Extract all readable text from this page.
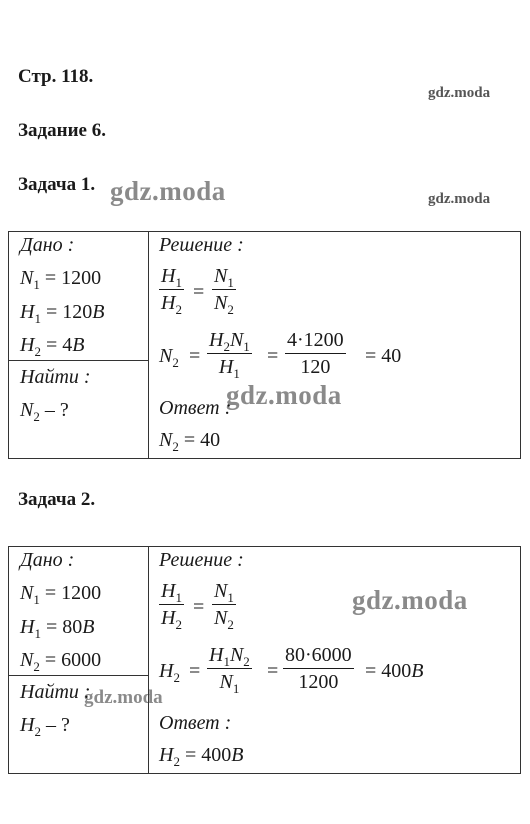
Стр. 118.
Задание 6.
Задача 1.
Задача 2.
gdz.moda
gdz.moda
gdz.moda
gdz.moda
gdz.moda
gdz.moda
Дано :
$N_1 = 1200$
$H_1 = 120B$
$H_2 = 4B$
Найти :
$N_2$ – ?
Решение :
$\frac{H_1}{H_2} = \frac{N_1}{N_2}$
$N_2 = \frac{H_2N_1}{H_1} = \frac{4\cdot 1200}{120} = 40$
Ответ :
$N_2 = 40$
Дано :
$N_1 = 1200$
$H_1 = 80B$
$N_2 = 6000$
Найти :
$H_2$ – ?
Решение :
$\frac{H_1}{H_2} = \frac{N_1}{N_2}$
$H_2 = \frac{H_1N_2}{N_1} = \frac{80\cdot 6000}{1200} = 400B$
Ответ :
$H_2 = 400B$
